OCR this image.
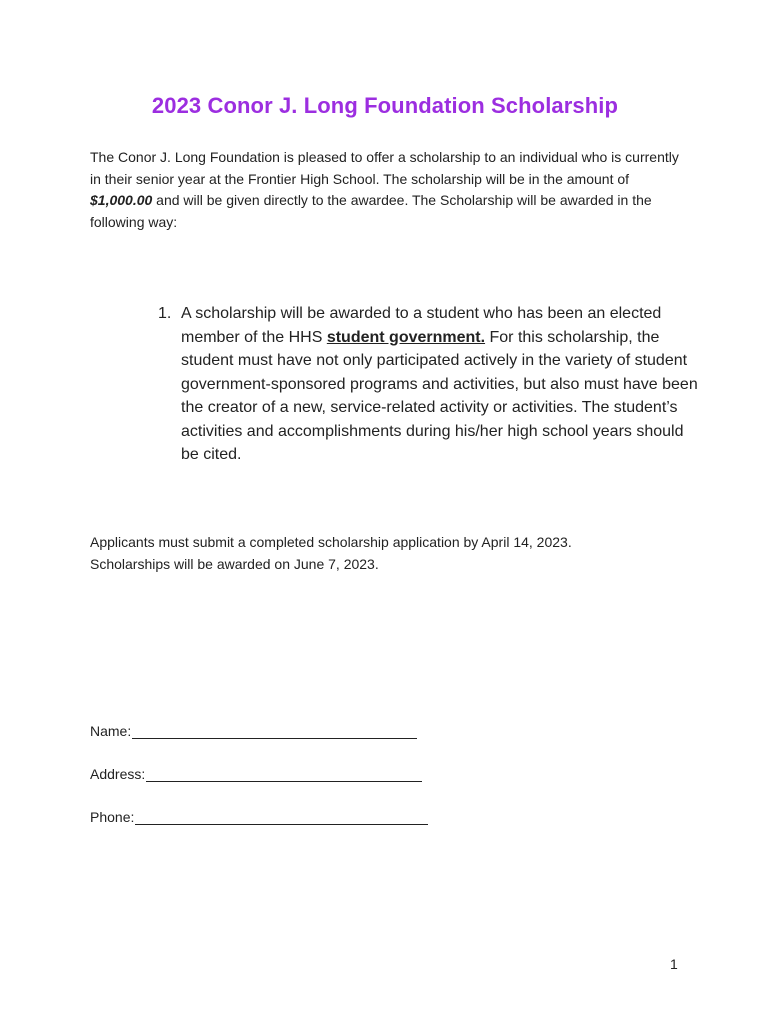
2023 Conor J. Long Foundation Scholarship

The Conor J. Long Foundation is pleased to offer a scholarship to an individual who is currently in their senior year at the Frontier High School. The scholarship will be in the amount of $1,000.00 and will be given directly to the awardee. The Scholarship will be awarded in the following way:

1. A scholarship will be awarded to a student who has been an elected member of the HHS student government. For this scholarship, the student must have not only participated actively in the variety of student government-sponsored programs and activities, but also must have been the creator of a new, service-related activity or activities. The student’s activities and accomplishments during his/her high school years should be cited.
Applicants must submit a completed scholarship application by April 14, 2023.
Scholarships will be awarded on June 7, 2023.
Name:
Address:
Phone:
1
